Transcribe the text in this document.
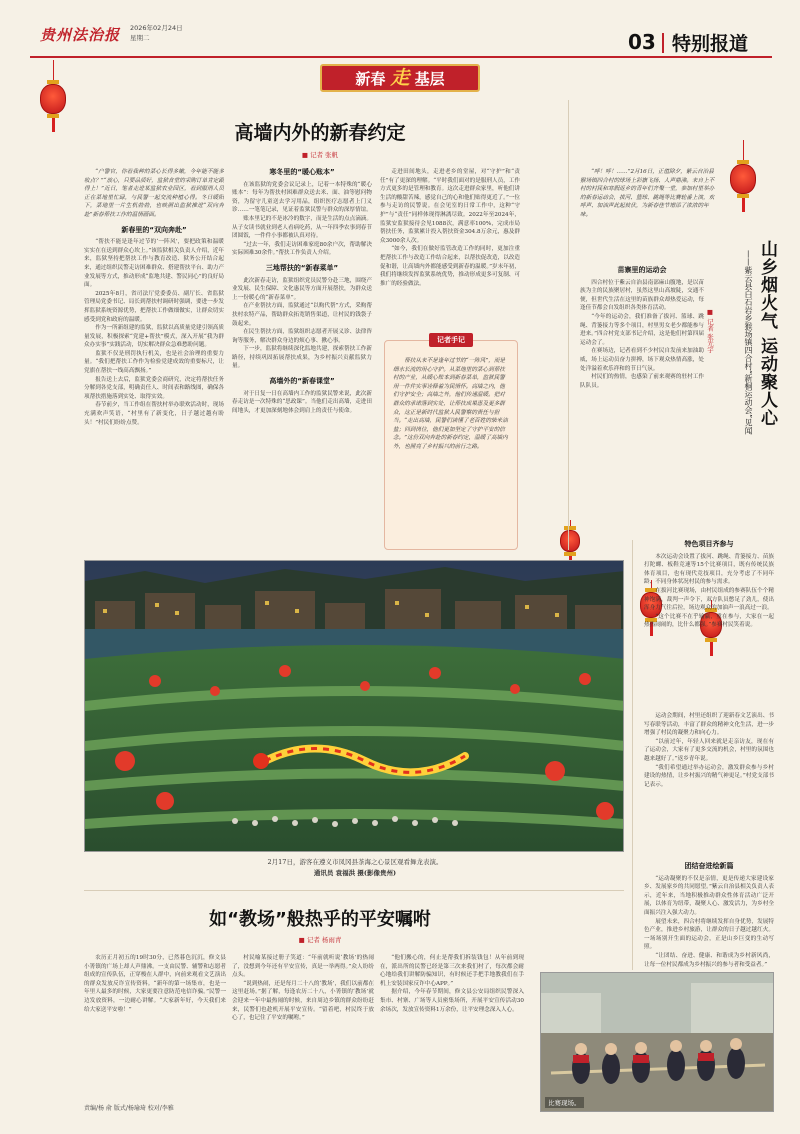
贵州法治报 2026年02月24日
星期二	03 特别报道
新春 走 基层
高墙内外的新春约定
■ 记者 张帆

“户警官，你看我种的菜心长得多嫩，今年能不能多收点？”“放心，只要品质好，监狱食堂的采购订单肯定跟得上！”近日，笔者走进某监狱农业园区，看到服刑人员正在菜地里忙碌，与民警一起交流种植心得。冬日暖阳下，菜地里一片生机勃勃，也映照出监狱推进“双向奔赴”新春帮扶工作的温情画面。

新春里的“双向奔赴”

“帮扶不能是逢年过节的‘一阵风’，要把政策和温暖实实在在送到群众心坎上。”该监狱相关负责人介绍，近年来，监狱坚持把帮扶工作与教育改造、狱务公开结合起来，通过组织民警走访困难群众、搭建帮扶平台、助力产业发展等方式，推动形成“监地共建、警民同心”的良好局面。

2025年8月，省司法厅党委委员、副厅长、省监狱管理局党委书记、局长到帮扶村调研时强调，要进一步发挥监狱系统资源优势，把帮扶工作做细做实，让群众切实感受到党和政府的温暖。

作为一所新组建的监狱，监狱以高质量党建引领高质量发展，积极探索“党建+帮扶”模式，深入开展“我为群众办实事”实践活动，切实解决群众急难愁盼问题。

监狱不仅是刑罚执行机关，也是社会治理的重要力量。“我们把帮扶工作作为检验党建成效的重要标尺，让党旗在帮扶一线高高飘扬。”

报告送上去后，监狱党委会商研究，决定将帮扶任务分解到各党支部，明确责任人、时间表和路线图，确保各项帮扶措施落到实处、取得实效。

春节前夕，当工作组在帮扶村举办联欢活动时，现场充满欢声笑语，“村里有了新变化，日子越过越有盼头！”村民们纷纷点赞。

寒冬里的“暖心账本”

在该监狱的党委会议记录上，记着一本特殊的“暖心账本”：每年为帮扶村困难群众送去米、面、油等慰问物资，为留守儿童送去学习用品，组织医疗志愿者上门义诊……一笔笔记录，见证着监狱民警与群众的深厚情谊。

账本里记的不是冰冷的数字，而是生活的点点滴滴。从子女读书就业到老人看病吃药，从一年四季农事到春节团圆饭，一件件小事都被认真对待。

“过去一年，我们走访困难家庭80余户次，帮助解决实际困难30余件。”帮扶工作负责人介绍。

三地帮扶的“新春菜单”

此次新春走访，监狱组织党员民警分赴三地，围绕产业发展、民生保障、文化惠民等方面开展帮扶，为群众送上一份暖心的“新春菜单”。

在产业帮扶方面，监狱通过“以购代帮”方式，采购帮扶村农特产品，帮助群众拓宽销售渠道，让村民的钱袋子鼓起来。

在民生帮扶方面，监狱组织志愿者开展义诊、法律咨询等服务，解决群众身边的烦心事、揪心事。

下一步，监狱将继续深化监地共建，探索帮扶工作新路径，持续巩固拓展帮扶成果，为乡村振兴贡献监狱力量。

高墙外的“新春课堂”

对于日复一日在高墙内工作的监狱民警来说，此次新春走访是一次特殊的“思政课”。当他们走出高墙，走进田间地头，才更加深刻地体会到肩上的责任与使命。

走进田间地头，走进老乡的堂屋，对“守护”和“责任”有了更深的理解。“平时我们面对的是服刑人员，工作方式更多的是管理和教育。这次走进群众家里，听他们讲生活的酸甜苦辣，感觉自己的心和他们贴得更近了。”一位参与走访的民警说。在会见室的日常工作中，这种“守护”与“责任”同样体现得淋漓尽致。2022年至2024年，监狱安监狱接待会见1088次，满意率100%，完成市局帮扶任务，监狱累计投入帮扶资金304.8万余元，惠及群众3000余人次。

“如今，我们在做好监管改造工作的同时，更加注重把帮扶工作与改造工作结合起来，以帮扶促改造，以改造促和谐，让高墙内外都能感受到新春的温暖。”岁末年初，我们将继续发挥监狱系统优势，推动形成更多可复制、可推广的经验做法。

记者手记
帮扶从来不是逢年过节的“一阵风”，而是细水长流的用心守护。从菜地里的菜心到帮扶村的产业，从暖心账本到新春菜单，监狱民警用一件件实事诠释着为民情怀。高墙之内，他们守护安全；高墙之外，他们传递温暖。把对群众的承诺落到实处，让帮扶成果惠及更多群众，这正是新时代监狱人民警察的责任与担当。“走出高墙，民警们读懂了老百姓的柴米油盐；回到岗位，他们更加坚定了守护平安的信念。”这份双向奔赴的新春约定，温暖了高墙内外，也照亮了乡村振兴的前行之路。
2月17日，游客在遵义市凤冈县茶海之心景区观看舞龙表演。
通讯员 袁福洪 摄(影像贵州)
如“教场”般热乎的平安嘱咐
■ 记者 杨雨青

农历正月初五的19时30分，已然暮色沉沉，修文县小箐镇的广场上却人声鼎沸。一支由民警、辅警和志愿者组成的宣传队伍，正穿梭在人群中，向前来观看文艺演出的群众发放反诈宣传资料。“新年的第一场集市，也是一年里人最多的时候，大家更要注意防范电信诈骗。”民警一边发放资料，一边耐心讲解。“大家新年好，今天我们来给大家送平安啦！”

村民喻某接过册子笑道：“年前就听说‘教场’的热闹了，没想到今年还有平安宣传，真是一举两得。”众人纷纷点头。

“说到热闹，还是每月二十八的‘教场’，我们以前都在这里赶场。”据了解，每逢农历二十八，小箐镇的‘教场’就会迎来一年中最热闹的时候，来自周边乡镇的群众纷纷赶来，民警们也趁机开展平安宣传。“留着吧，村民终于放心了，也记住了平安的嘱咐。”

“他们搬心的，何止是帮我们拆装钱包！从年前到现在，派出所的民警已经是第三次来我们村了，每次都会耐心地给我们讲解防骗知识，有时候还手把手地教我们在手机上安装国家反诈中心APP。”

据介绍，今年春节期间，修文县公安局组织民警深入集市、村寨、广场等人员密集场所，开展平安宣传活动30余场次，发放宣传资料1万余份，让平安理念深入人心。

责编/杨 俞 版式/杨瑜琦 校对/李雅
“呼！呼！……”2月16日，正值除夕，紫云自治县猴场镇四合村的球场上彩旗飞扬、人声鼎沸。来自上不村的村民和寒假返乡的青年们齐聚一堂，参加村里举办的新春运动会，拔河、篮球、跳绳等比赛轮番上演，欢呼声、加油声此起彼伏，为新春佳节增添了浓浓的年味。
山乡烟火气 运动聚人心
——紫云县白石岩乡猴场镇四合村“新桐运动会”见闻
■ 记者 张光宇
苗寨里的运动会

四合村位于紫云自治县南部麻山腹地，是以苗族为主的民族聚居村，虽然这里山高坡陡，交通不便，但世代生活在这里的苗族群众却热爱运动，每逢佳节都会自发组织各类体育活动。

“今年的运动会，我们准备了拔河、篮球、跳绳、背篓接力等多个项目，村里男女老少都能参与进来。”四合村党支部书记介绍，这是他们村第四届运动会了。

在赛场边，记者看到不少村民自发前来加油助威，场上运动员奋力拼搏，场下观众热情高涨，处处洋溢着欢乐祥和的节日气氛。

村民们的热情，也感染了前来观赛的驻村工作队队员。

特色项目齐参与

本次运动会设置了拔河、跳绳、背篓接力、苗族打陀螺、板鞋竞速等15个比赛项目，既有传统民族体育项目，也有现代竞技项目，充分考虑了不同年龄、不同身体状况村民的参与需求。

在拔河比赛现场，由村民组成的参赛队伍个个精神饱满，裁判一声令下，双方队员憋足了劲儿，使出浑身力气往后拉，场边观众的加油声一浪高过一浪。

“这个比赛不在乎输赢，重在参与，大家在一起热热闹闹的，比什么都强。”参赛村民笑着说。

运动会期间，村里还组织了迎新春文艺演出、书写春联等活动，丰富了群众的精神文化生活，进一步增强了村民的凝聚力和向心力。

“以前过年，年轻人回来就是走亲访友，现在有了运动会，大家有了更多交流的机会，村里的氛围也越来越好了。”返乡青年说。

“我们希望通过举办运动会，激发群众参与乡村建设的热情，让乡村振兴的精气神更足。”村党支部书记表示。

团结奋进绘新篇

“运动凝聚的不仅是亲情，更是传递大家建设家乡、发展家乡的共同愿望。”紫云自治县相关负责人表示，近年来，当地积极推动群众性体育活动广泛开展，以体育为纽带，凝聚人心、激发活力，为乡村全面振兴注入强大动力。

展望未来，四合村将继续发挥自身优势，发展特色产业，推进乡村旅游，让群众的日子越过越红火。一场场别开生面的运动会，正是山乡巨变的生动写照。

“让团结、奋进、健康、和谐成为乡村新风尚，让每一位村民都成为乡村振兴的参与者和受益者。”

比赛现场。
